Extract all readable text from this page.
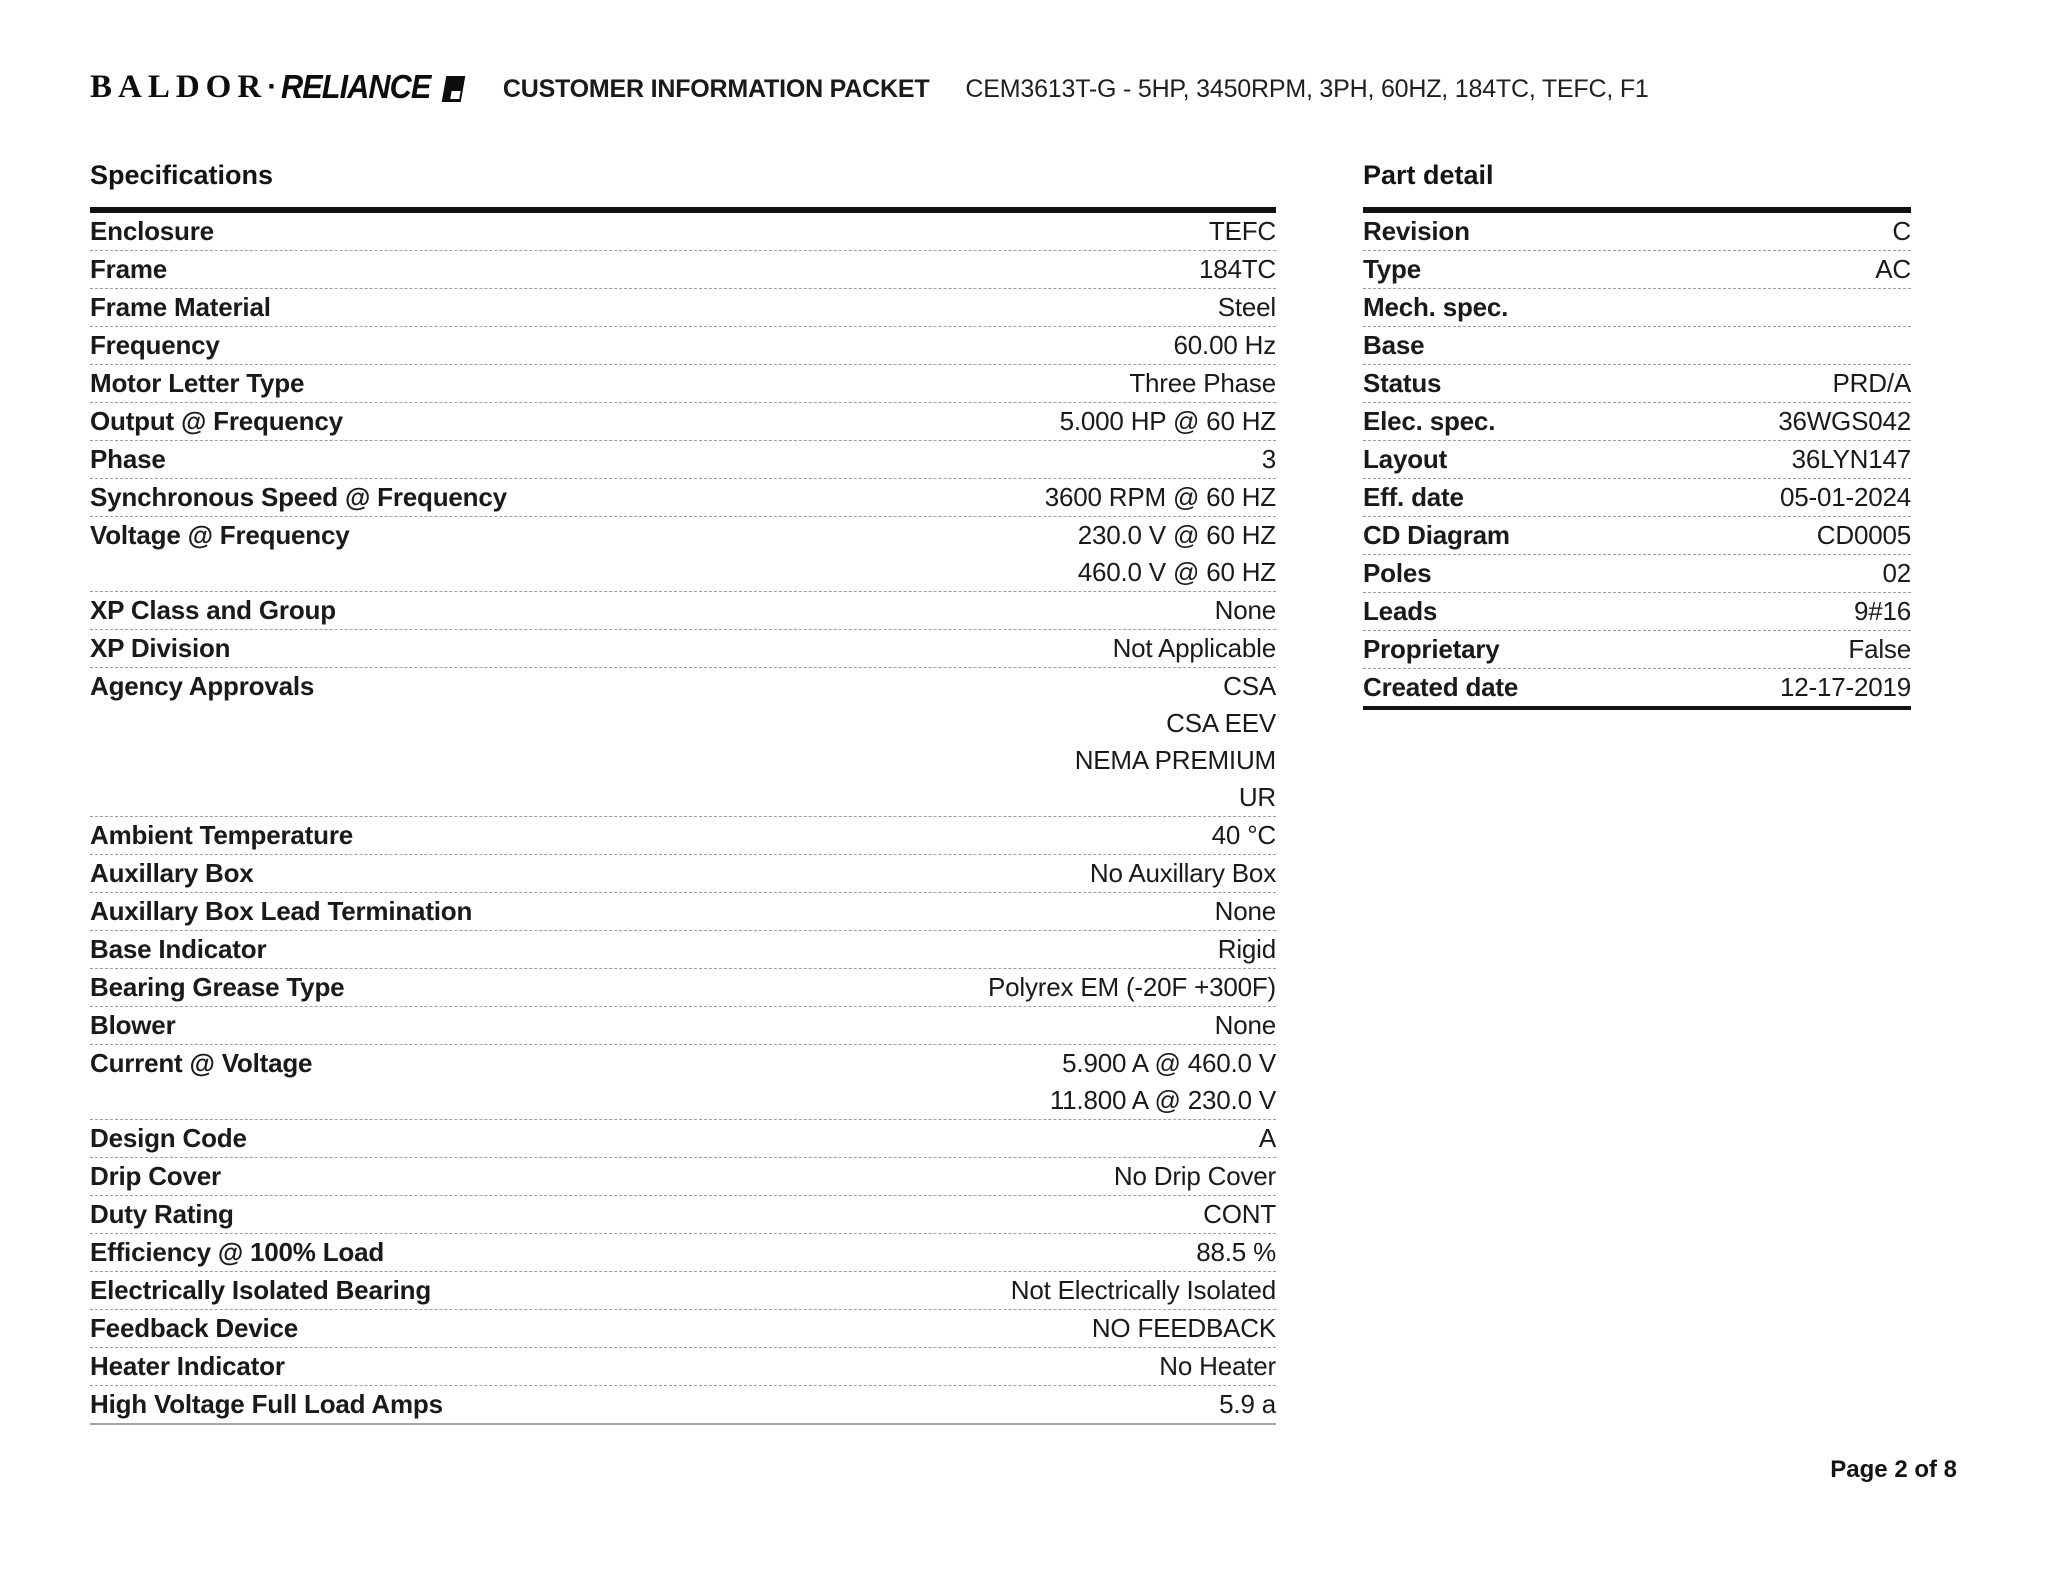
BALDOR · RELIANCE	CUSTOMER INFORMATION PACKET CEM3613T-G - 5HP, 3450RPM, 3PH, 60HZ, 184TC, TEFC, F1
Specifications
Enclosure	TEFC
Frame	184TC
Frame Material	Steel
Frequency	60.00 Hz
Motor Letter Type	Three Phase
Output @ Frequency	5.000 HP @ 60 HZ
Phase	3
Synchronous Speed @ Frequency	3600 RPM @ 60 HZ
Voltage @ Frequency	230.0 V @ 60 HZ
460.0 V @ 60 HZ
XP Class and Group	None
XP Division	Not Applicable
Agency Approvals	CSA
CSA EEV
NEMA PREMIUM
UR
Ambient Temperature	40 °C
Auxillary Box	No Auxillary Box
Auxillary Box Lead Termination	None
Base Indicator	Rigid
Bearing Grease Type	Polyrex EM (-20F +300F)
Blower	None
Current @ Voltage	5.900 A @ 460.0 V
11.800 A @ 230.0 V
Design Code	A
Drip Cover	No Drip Cover
Duty Rating	CONT
Efficiency @ 100% Load	88.5 %
Electrically Isolated Bearing	Not Electrically Isolated
Feedback Device	NO FEEDBACK
Heater Indicator	No Heater
High Voltage Full Load Amps	5.9 a
Part detail
Revision	C
Type	AC
Mech. spec.
Base
Status	PRD/A
Elec. spec.	36WGS042
Layout	36LYN147
Eff. date	05-01-2024
CD Diagram	CD0005
Poles	02
Leads	9#16
Proprietary	False
Created date	12-17-2019
Page 2 of 8
